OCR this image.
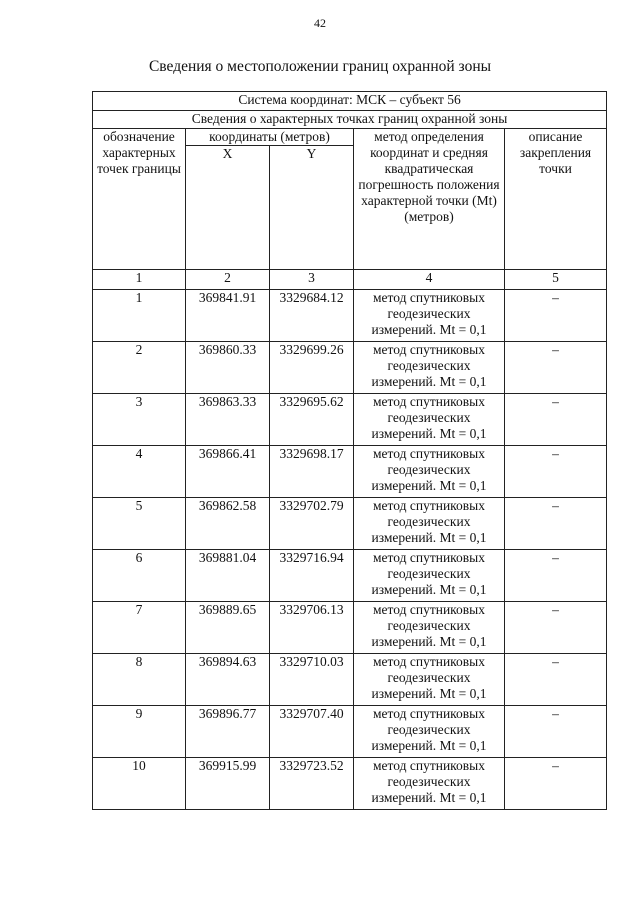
42
Сведения о местоположении границ охранной зоны
Система координат: МСК – субъект 56				
Сведения о характерных точках границ охранной зоны				
обозначение характерных точек границы	координаты (метров)		метод определения координат и средняя квадратическая погрешность положения характерной точки (Mt) (метров)	описание закрепления точки
	X	Y		
1	2	3	4	5
1	369841.91	3329684.12	метод спутниковых геодезических измерений. Mt = 0,1	–
2	369860.33	3329699.26	метод спутниковых геодезических измерений. Mt = 0,1	–
3	369863.33	3329695.62	метод спутниковых геодезических измерений. Mt = 0,1	–
4	369866.41	3329698.17	метод спутниковых геодезических измерений. Mt = 0,1	–
5	369862.58	3329702.79	метод спутниковых геодезических измерений. Mt = 0,1	–
6	369881.04	3329716.94	метод спутниковых геодезических измерений. Mt = 0,1	–
7	369889.65	3329706.13	метод спутниковых геодезических измерений. Mt = 0,1	–
8	369894.63	3329710.03	метод спутниковых геодезических измерений. Mt = 0,1	–
9	369896.77	3329707.40	метод спутниковых геодезических измерений. Mt = 0,1	–
10	369915.99	3329723.52	метод спутниковых геодезических измерений. Mt = 0,1	–
